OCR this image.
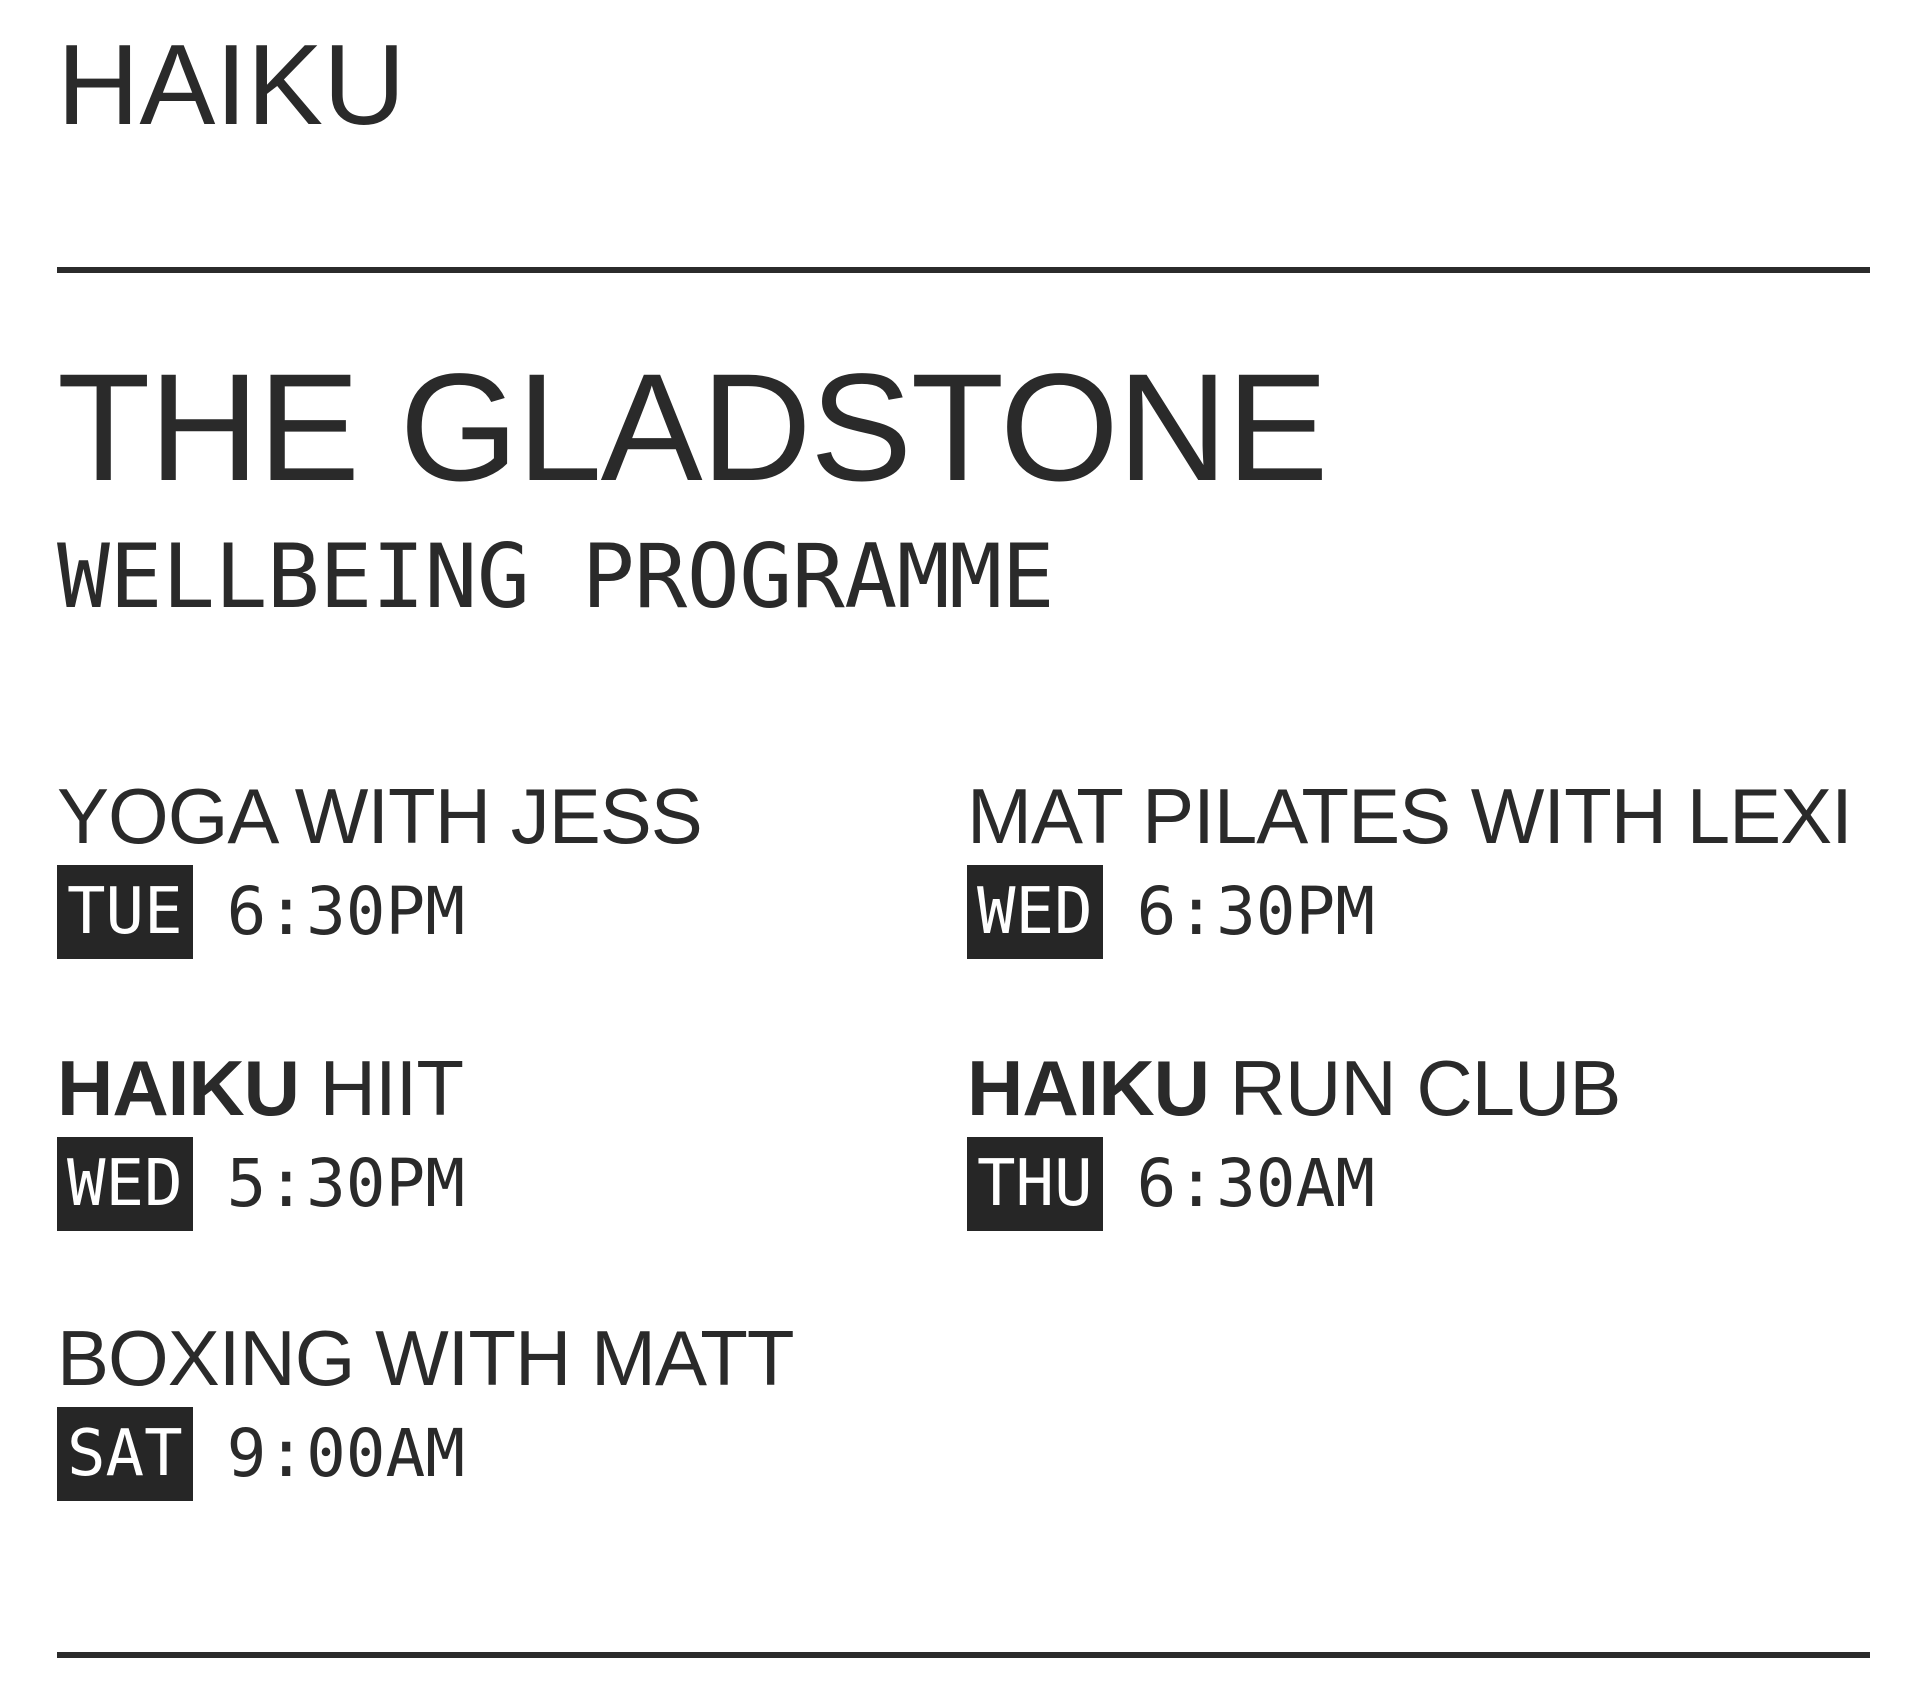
HAIKU
THE GLADSTONE
WELLBEING PROGRAMME
YOGA WITH JESS
TUE 6:30PM
MAT PILATES WITH LEXI
WED 6:30PM
HAIKU HIIT
WED 5:30PM
HAIKU RUN CLUB
THU 6:30AM
BOXING WITH MATT
SAT 9:00AM
